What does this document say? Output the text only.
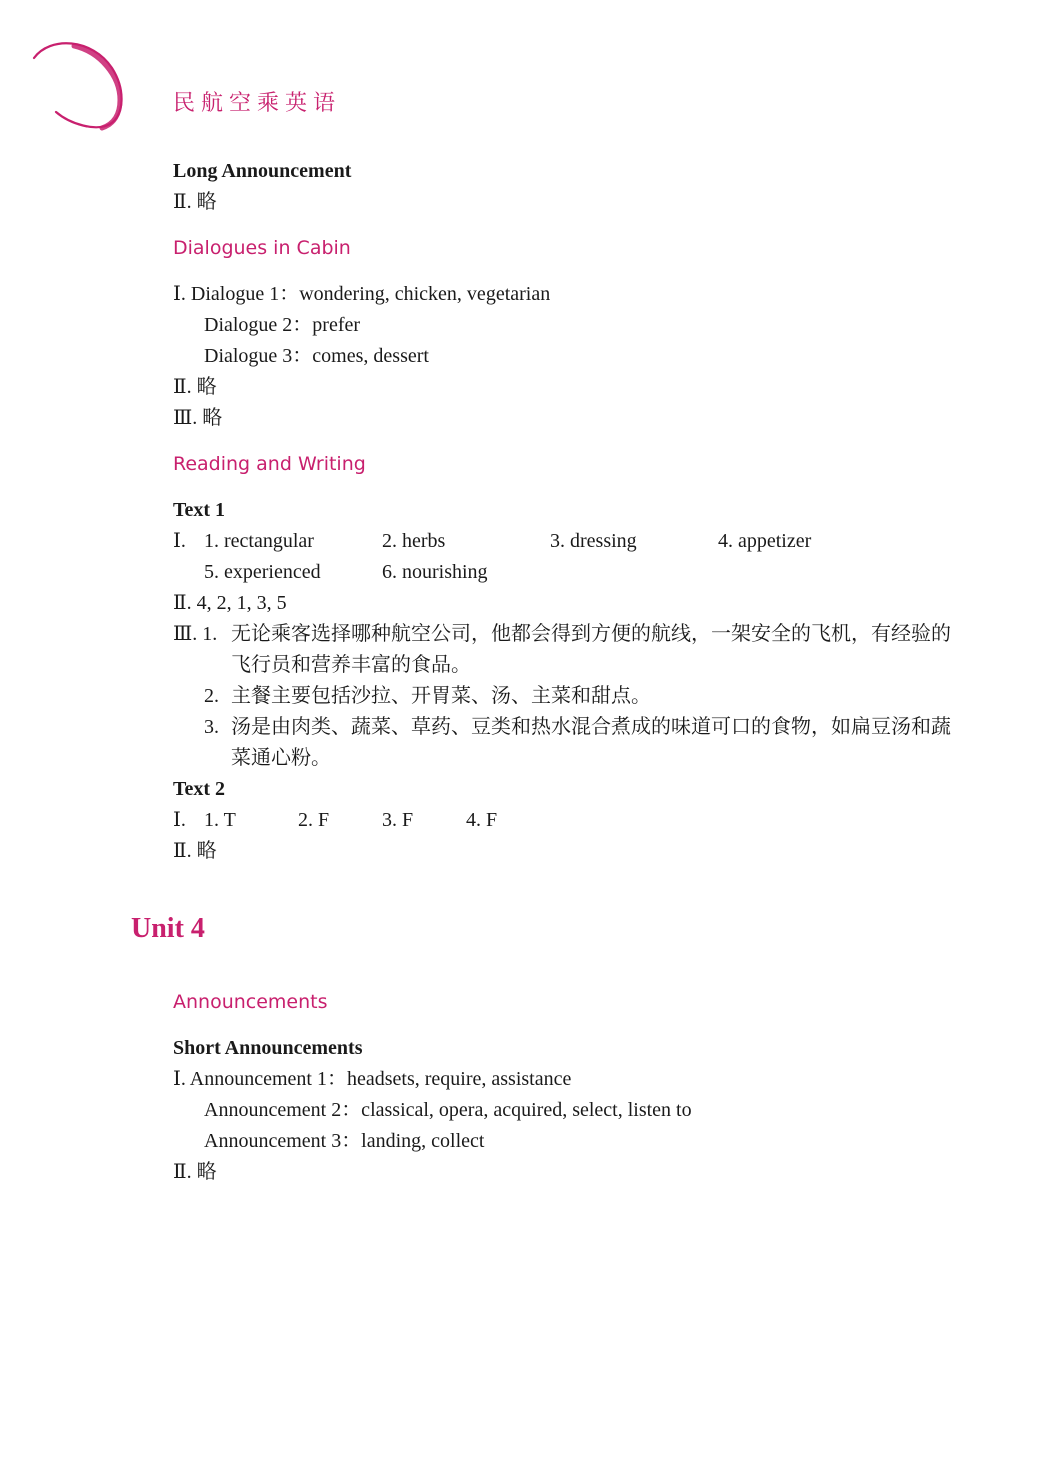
民航空乘英语
Long Announcement
Ⅱ. 略
Dialogues in Cabin
Ⅰ. Dialogue 1：wondering, chicken, vegetarian
Dialogue 2：prefer
Dialogue 3：comes, dessert
Ⅱ. 略
Ⅲ. 略
Reading and Writing
Text 1
Ⅰ. 1. rectangular	2. herbs	3. dressing	4. appetizer
5. experienced	6. nourishing
Ⅱ. 4, 2, 1, 3, 5
Ⅲ. 1. 无论乘客选择哪种航空公司，他都会得到方便的航线，一架安全的飞机，有经验的飞行员和营养丰富的食品。
2. 主餐主要包括沙拉、开胃菜、汤、主菜和甜点。
3. 汤是由肉类、蔬菜、草药、豆类和热水混合煮成的味道可口的食物，如扁豆汤和蔬菜通心粉。
Text 2
Ⅰ. 1. T	2. F	3. F	4. F
Ⅱ. 略
Unit 4
Announcements
Short Announcements
Ⅰ. Announcement 1：headsets, require, assistance
Announcement 2：classical, opera, acquired, select, listen to
Announcement 3：landing, collect
Ⅱ. 略
